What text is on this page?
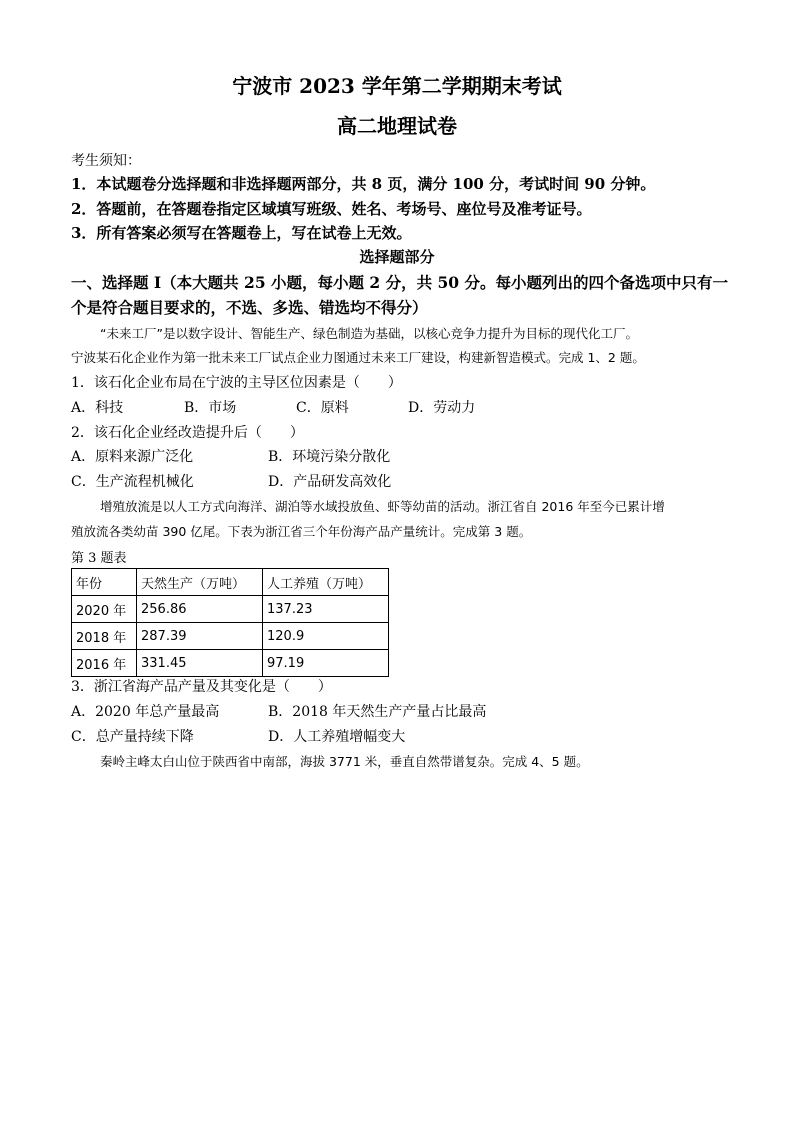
宁波市 2023 学年第二学期期末考试
高二地理试卷
考生须知：
1．本试题卷分选择题和非选择题两部分，共 8 页，满分 100 分，考试时间 90 分钟。
2．答题前，在答题卷指定区域填写班级、姓名、考场号、座位号及准考证号。
3．所有答案必须写在答题卷上，写在试卷上无效。
选择题部分
一、选择题 I（本大题共 25 小题，每小题 2 分，共 50 分。每小题列出的四个备选项中只有一
个是符合题目要求的，不选、多选、错选均不得分）
“未来工厂”是以数字设计、智能生产、绿色制造为基础，以核心竞争力提升为目标的现代化工厂。
宁波某石化企业作为第一批未来工厂试点企业力图通过未来工厂建设，构建新智造模式。完成 1、2 题。
1．该石化企业布局在宁波的主导区位因素是（　　）
A．科技	B．市场	C．原料	D．劳动力
2．该石化企业经改造提升后（　　）
A．原料来源广泛化	B．环境污染分散化
C．生产流程机械化	D．产品研发高效化
增殖放流是以人工方式向海洋、湖泊等水域投放鱼、虾等幼苗的活动。浙江省自 2016 年至今已累计增
殖放流各类幼苗 390 亿尾。下表为浙江省三个年份海产品产量统计。完成第 3 题。
第 3 题表
年份	天然生产（万吨）	人工养殖（万吨）
2020 年	256.86	137.23
2018 年	287.39	120.9
2016 年	331.45	97.19
3．浙江省海产品产量及其变化是（　　）
A．2020 年总产量最高	B．2018 年天然生产产量占比最高
C．总产量持续下降	D．人工养殖增幅变大
秦岭主峰太白山位于陕西省中南部，海拔 3771 米，垂直自然带谱复杂。完成 4、5 题。
